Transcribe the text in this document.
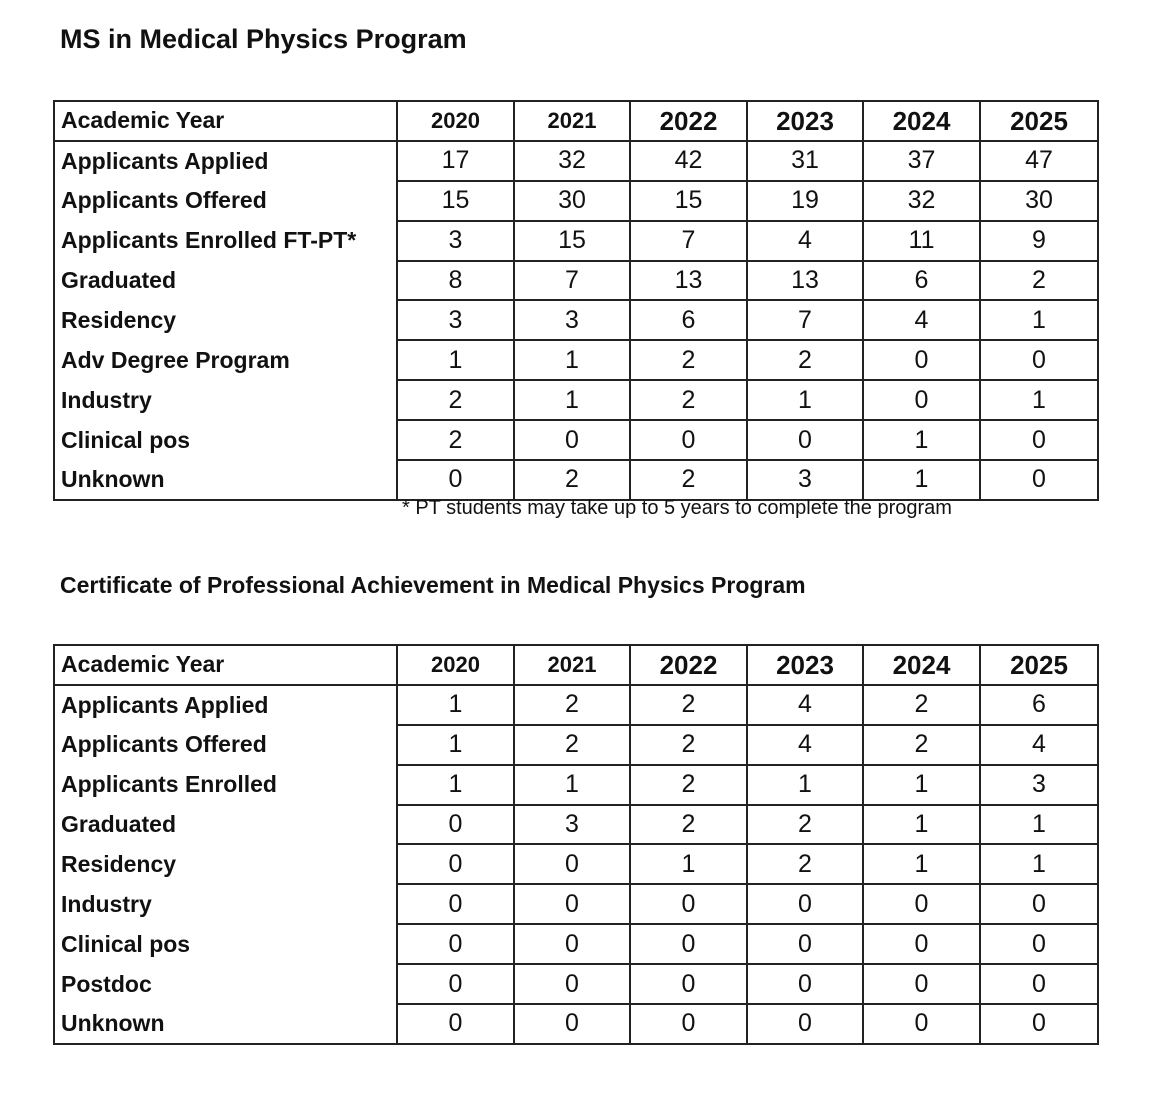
MS in Medical Physics Program
Academic Year	2020	2021	2022	2023	2024	2025
Applicants Applied	17	32	42	31	37	47
Applicants Offered	15	30	15	19	32	30
Applicants Enrolled FT-PT*	3	15	7	4	11	9
Graduated	8	7	13	13	6	2
Residency	3	3	6	7	4	1
Adv Degree Program	1	1	2	2	0	0
Industry	2	1	2	1	0	1
Clinical pos	2	0	0	0	1	0
Unknown	0	2	2	3	1	0
* PT students may take up to 5 years to complete the program
Certificate of Professional Achievement in Medical Physics Program
Academic Year	2020	2021	2022	2023	2024	2025
Applicants Applied	1	2	2	4	2	6
Applicants Offered	1	2	2	4	2	4
Applicants Enrolled	1	1	2	1	1	3
Graduated	0	3	2	2	1	1
Residency	0	0	1	2	1	1
Industry	0	0	0	0	0	0
Clinical pos	0	0	0	0	0	0
Postdoc	0	0	0	0	0	0
Unknown	0	0	0	0	0	0
